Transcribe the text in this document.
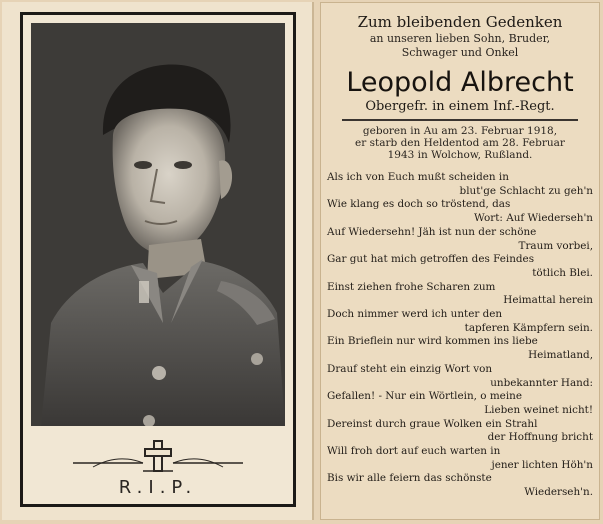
R.I.P.
Zum bleibenden Gedenken
an unseren lieben Sohn, Bruder,
Schwager und Onkel
Leopold Albrecht
Obergefr. in einem Inf.-Regt.
geboren in Au am 23. Februar 1918,
er starb den Heldentod am 28. Februar
1943 in Wolchow, Rußland.
Als ich von Euch mußt scheiden in
blut'ge Schlacht zu geh'n
Wie klang es doch so tröstend, das
Wort: Auf Wiederseh'n
Auf Wiedersehn! Jäh ist nun der schöne
Traum vorbei,
Gar gut hat mich getroffen des Feindes
tötlich Blei.
Einst ziehen frohe Scharen zum
Heimattal herein
Doch nimmer werd ich unter den
tapferen Kämpfern sein.
Ein Brieflein nur wird kommen ins liebe
Heimatland,
Drauf steht ein einzig Wort von
unbekannter Hand:
Gefallen! - Nur ein Wörtlein, o meine
Lieben weinet nicht!
Dereinst durch graue Wolken ein Strahl
der Hoffnung bricht
Will froh dort auf euch warten in
jener lichten Höh'n
Bis wir alle feiern das schönste
Wiederseh'n.
